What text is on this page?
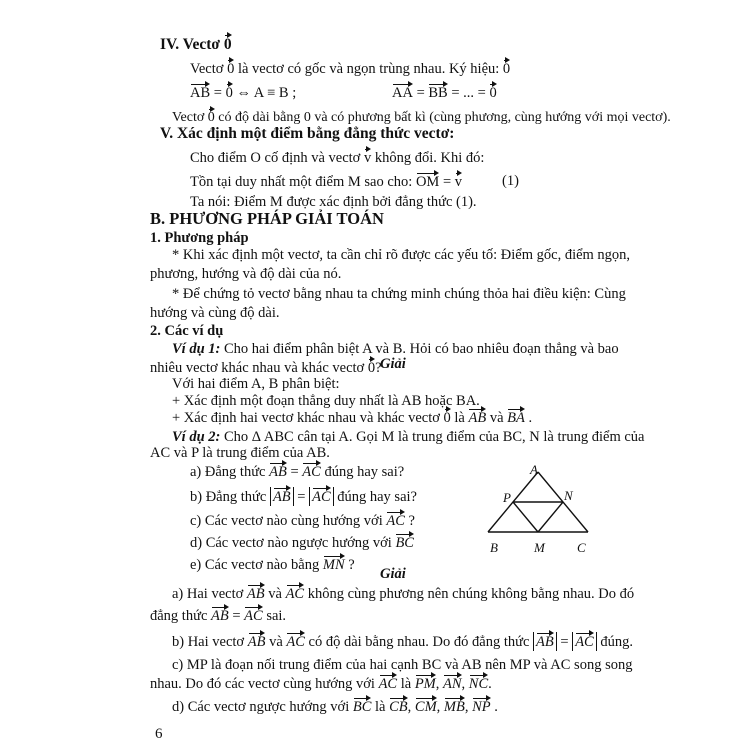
IV. Vectơ 0
Vectơ 0 là vectơ có gốc và ngọn trùng nhau. Ký hiệu: 0
AB = 0 ⇔ A ≡ B ;	AA = BB = ... = 0
Vectơ 0 có độ dài bằng 0 và có phương bất kì (cùng phương, cùng hướng với mọi vectơ).
V. Xác định một điểm bằng đẳng thức vectơ:
Cho điểm O cố định và vectơ v không đổi. Khi đó:
Tồn tại duy nhất một điểm M sao cho: OM = v	(1)
Ta nói: Điểm M được xác định bởi đẳng thức (1).
B. PHƯƠNG PHÁP GIẢI TOÁN
1. Phương pháp
* Khi xác định một vectơ, ta cần chỉ rõ được các yếu tố: Điểm gốc, điểm ngọn,
phương, hướng và độ dài của nó.
* Để chứng tỏ vectơ bằng nhau ta chứng minh chúng thỏa hai điều kiện: Cùng
hướng và cùng độ dài.
2. Các ví dụ
Ví dụ 1: Cho hai điểm phân biệt A và B. Hỏi có bao nhiêu đoạn thẳng và bao
nhiêu vectơ khác nhau và khác vectơ 0?
Giải
Với hai điểm A, B phân biệt:
+ Xác định một đoạn thẳng duy nhất là AB hoặc BA.
+ Xác định hai vectơ khác nhau và khác vectơ 0 là AB và BA .
Ví dụ 2: Cho Δ ABC cân tại A. Gọi M là trung điểm của BC, N là trung điểm của
AC và P là trung điểm của AB.
a) Đẳng thức AB = AC đúng hay sai?
b) Đẳng thức AB = AC đúng hay sai?
c) Các vectơ nào cùng hướng với AC ?
d) Các vectơ nào ngược hướng với BC
e) Các vectơ nào bằng MN ?
A
P	N
B	M C
Giải
a) Hai vectơ AB và AC không cùng phương nên chúng không bằng nhau. Do đó
đẳng thức AB = AC sai.
b) Hai vectơ AB và AC có độ dài bằng nhau. Do đó đẳng thức AB = AC đúng.
c) MP là đoạn nối trung điểm của hai cạnh BC và AB nên MP và AC song song
nhau. Do đó các vectơ cùng hướng với AC là PM, AN, NC.
d) Các vectơ ngược hướng với BC là CB, CM, MB, NP .
6
